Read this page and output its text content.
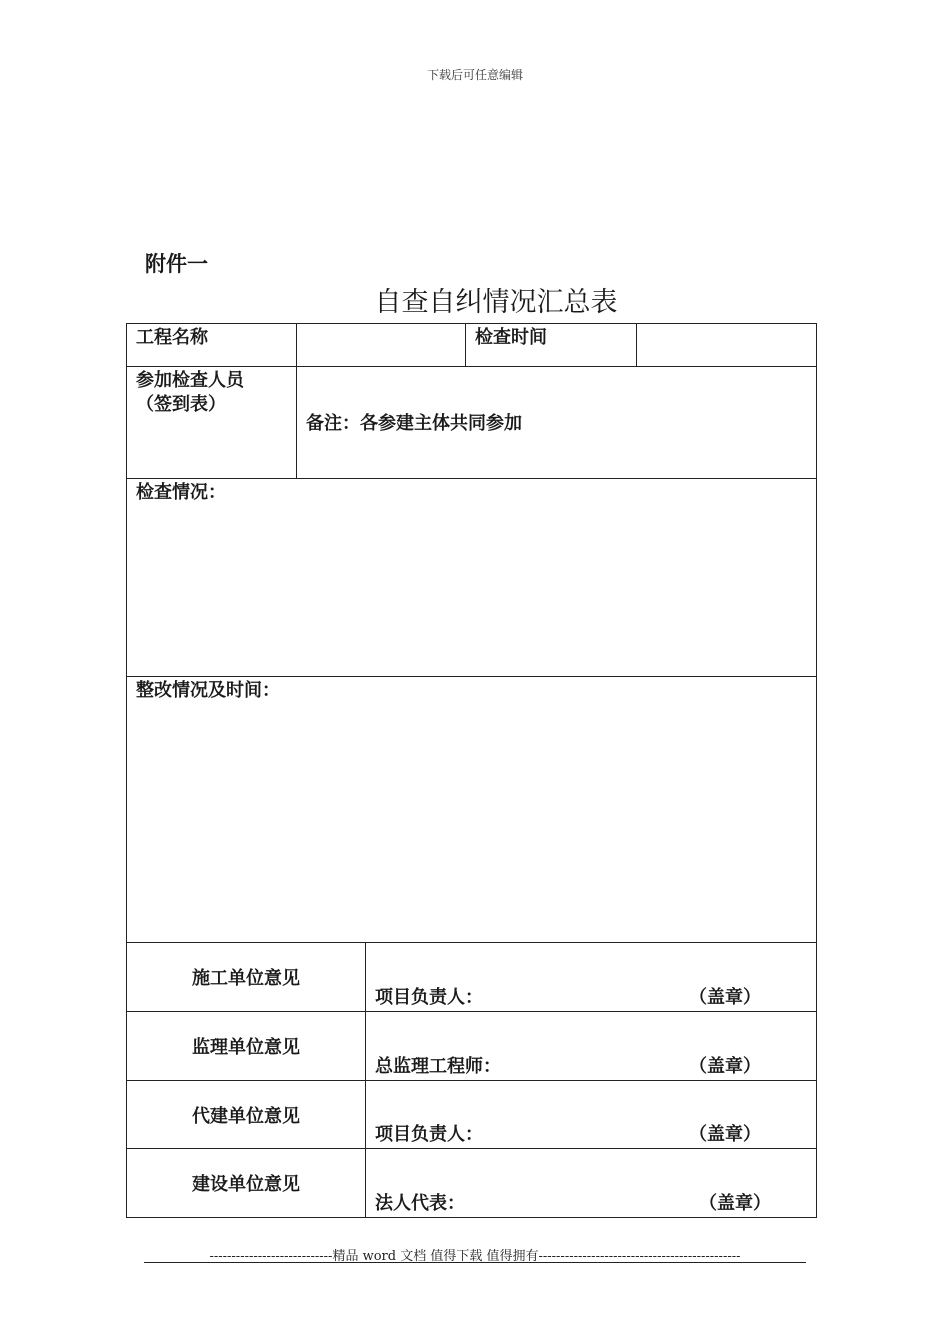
下载后可任意编辑
附件一
自查自纠情况汇总表
工程名称			检查时间	

参加检查人员
（签到表）	备注：各参建主体共同参加			

检查情况：				

整改情况及时间：				

施工单位意见		项目负责人： （盖章）		

监理单位意见		总监理工程师： （盖章）		

代建单位意见		项目负责人： （盖章）		

建设单位意见		法人代表： （盖章）		
----------------------------精品 word 文档 值得下载 值得拥有----------------------------------------------
